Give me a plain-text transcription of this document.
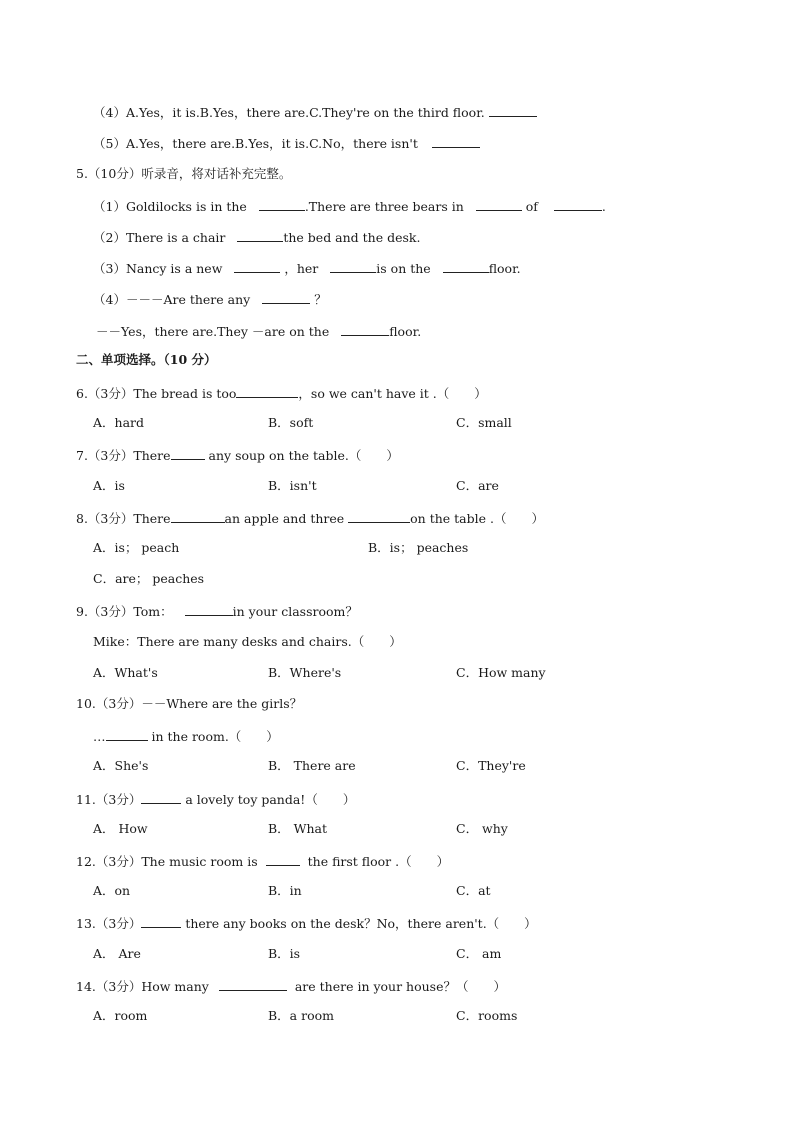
（4）A.Yes，it is.B.Yes，there are.C.They're on the third floor.
（5）A.Yes，there are.B.Yes，it is.C.No，there isn't
5.（10分）听录音，将对话补充完整。
（1）Goldilocks is in the	.There are three bears in	of	.
（2）There is a chair	the bed and the desk.
（3）Nancy is a new	，her	is on the	floor.
（4）－－－Are there any	？
－－Yes，there are.They －are on the	floor.
二、单项选择。（10 分）
6.（3分）The bread is too	，so we can't have it .（　　）
A．hard	B．soft	C．small
7.（3分）There	any soup on the table.（　　）
A．is	B．isn't	C．are
8.（3分）There	an apple and three	on the table .（　　）
A．is； peach	B．is； peaches
C．are； peaches
9.（3分）Tom：	in your classroom？
Mike：There are many desks and chairs.（　　）
A．What's	B．Where's	C．How many
10.（3分）－－Where are the girls？
…	in the room.（　　）
A．She's	B． There are	C．They're
11.（3分）	a lovely toy panda!（　　）
A． How	B． What	C． why
12.（3分）The music room is	the first floor .（　　）
A．on	B．in	C．at
13.（3分）	there any books on the desk？No，there aren't.（　　）
A． Are	B．is	C． am
14.（3分）How many	are there in your house？（　　）
A．room	B．a room	C．rooms
